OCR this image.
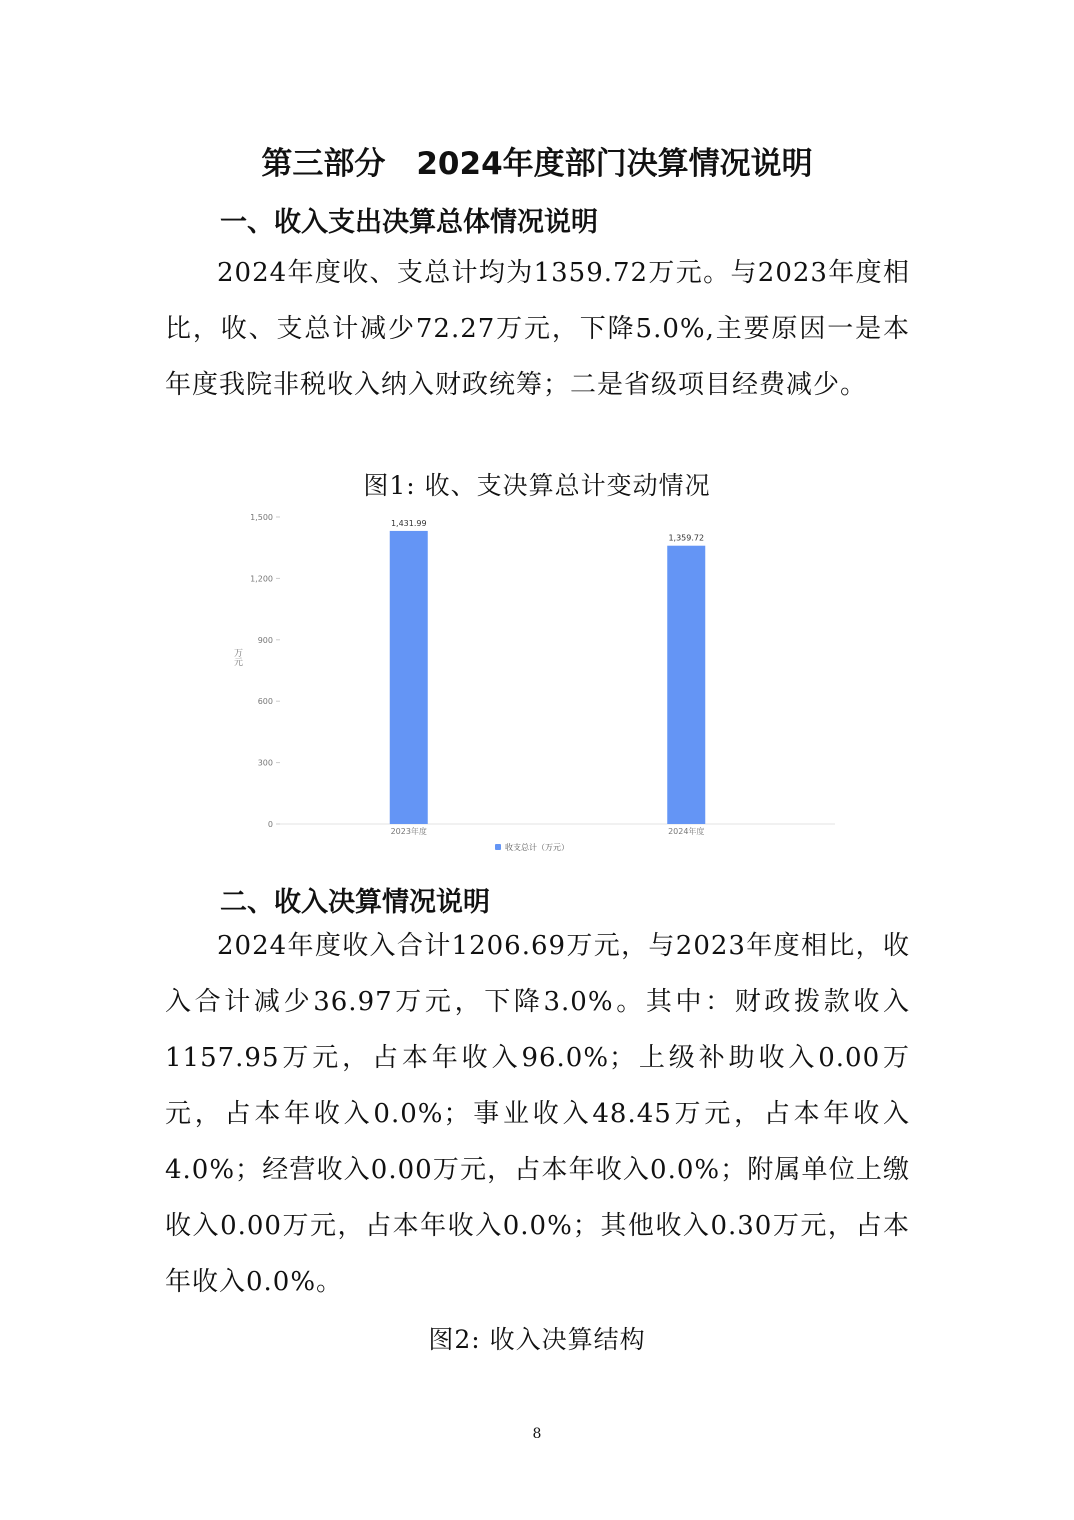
第三部分　2024年度部门决算情况说明
一、收入支出决算总体情况说明
2024年度收、支总计均为1359.72万元。与2023年度相比，收、支总计减少72.27万元，下降5.0%,主要原因一是本年度我院非税收入纳入财政统筹；二是省级项目经费减少。
图1: 收、支决算总计变动情况
0
300
600
900
1,200
1,500
万元
1,431.99
2023年度
1,359.72
2024年度
收支总计（万元）
二、收入决算情况说明
2024年度收入合计1206.69万元，与2023年度相比，收入合计减少36.97万元，下降3.0%。其中：财政拨款收入1157.95万元，占本年收入96.0%；上级补助收入0.00万元，占本年收入0.0%；事业收入48.45万元，占本年收入4.0%；经营收入0.00万元，占本年收入0.0%；附属单位上缴收入0.00万元，占本年收入0.0%；其他收入0.30万元，占本年收入0.0%。
图2: 收入决算结构
8
